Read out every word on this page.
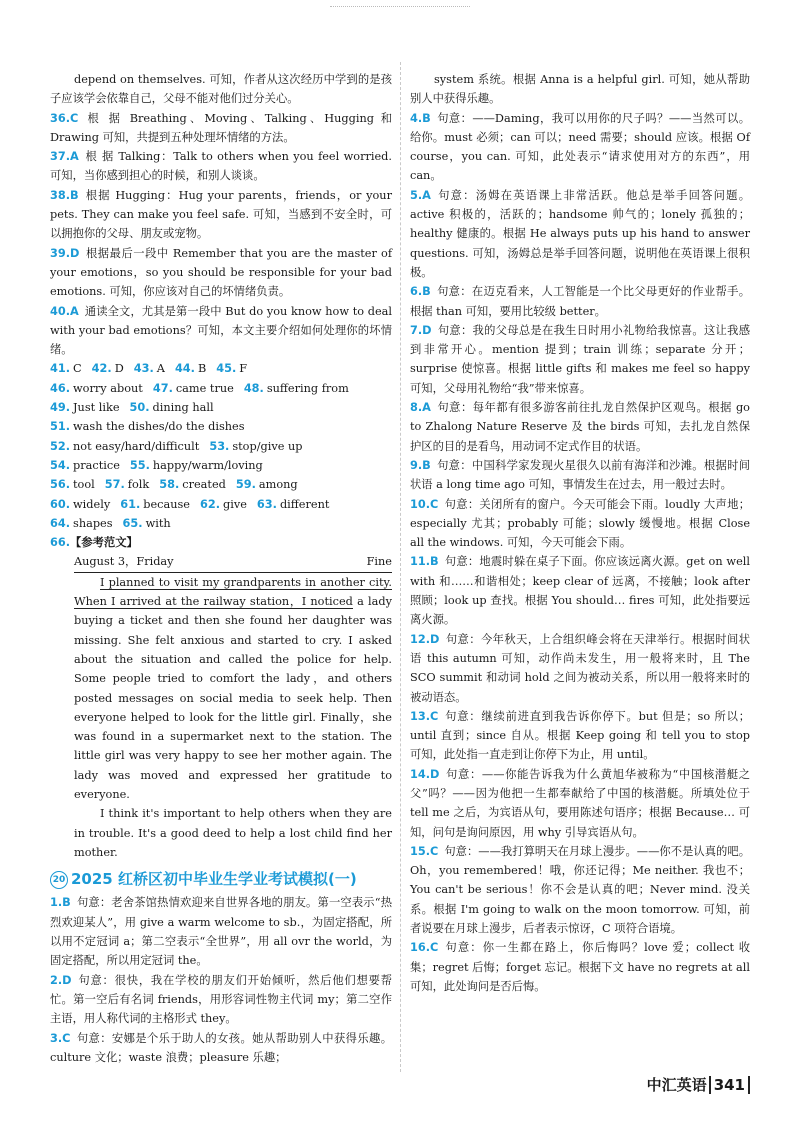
depend on themselves. 可知，作者从这次经历中学到的是孩子应该学会依靠自己，父母不能对他们过分关心。

36.C 根 据 Breathing、Moving、Talking、Hugging 和 Drawing 可知，共提到五种处理坏情绪的方法。

37.A 根 据 Talking：Talk to others when you feel worried. 可知，当你感到担心的时候，和别人谈谈。

38.B 根据 Hugging：Hug your parents，friends，or your pets. They can make you feel safe. 可知，当感到不安全时，可以拥抱你的父母、朋友或宠物。

39.D 根据最后一段中 Remember that you are the master of your emotions，so you should be responsible for your bad emotions. 可知，你应该对自己的坏情绪负责。

40.A 通读全文，尤其是第一段中 But do you know how to deal with your bad emotions？可知，本文主要介绍如何处理你的坏情绪。

41. C 42. D 43. A 44. B 45. F

46. worry about 47. came true 48. suffering from

49. Just like 50. dining hall

51. wash the dishes/do the dishes

52. not easy/hard/difficult 53. stop/give up

54. practice 55. happy/warm/loving

56. tool 57. folk 58. created 59. among

60. widely 61. because 62. give 63. different

64. shapes 65. with

66.【参考范文】

August 3，Friday	Fine

I planned to visit my grandparents in another city. When I arrived at the railway station，I noticed a lady buying a ticket and then she found her daughter was missing. She felt anxious and started to cry. I asked about the situation and called the police for help. Some people tried to comfort the lady，and others posted messages on social media to seek help. Then everyone helped to look for the little girl. Finally，she was found in a supermarket next to the station. The little girl was very happy to see her mother again. The lady was moved and expressed her gratitude to everyone.

I think it's important to help others when they are in trouble. It's a good deed to help a lost child find her mother.

20 2025 红桥区初中毕业生学业考试模拟(一)

1.B 句意：老舍茶馆热情欢迎来自世界各地的朋友。第一空表示“热烈欢迎某人”，用 give a warm welcome to sb.，为固定搭配，所以用不定冠词 a；第二空表示“全世界”，用 all ovr the world，为固定搭配，所以用定冠词 the。

2.D 句意：很快，我在学校的朋友们开始倾听，然后他们想要帮忙。第一空后有名词 friends，用形容词性物主代词 my；第二空作主语，用人称代词的主格形式 they。

3.C 句意：安娜是个乐于助人的女孩。她从帮助别人中获得乐趣。culture 文化；waste 浪费；pleasure 乐趣；

system 系统。根据 Anna is a helpful girl. 可知，她从帮助别人中获得乐趣。

4.B 句意：——Daming，我可以用你的尺子吗？——当然可以。给你。must 必须；can 可以；need 需要；should 应该。根据 Of course，you can. 可知，此处表示“请求使用对方的东西”，用 can。

5.A 句意：汤姆在英语课上非常活跃。他总是举手回答问题。active 积极的，活跃的；handsome 帅气的；lonely 孤独的；healthy 健康的。根据 He always puts up his hand to answer questions. 可知，汤姆总是举手回答问题，说明他在英语课上很积极。

6.B 句意：在迈克看来，人工智能是一个比父母更好的作业帮手。根据 than 可知，要用比较级 better。

7.D 句意：我的父母总是在我生日时用小礼物给我惊喜。这让我感到非常开心。mention 提到；train 训练；separate 分开；surprise 使惊喜。根据 little gifts 和 makes me feel so happy 可知，父母用礼物给“我”带来惊喜。

8.A 句意：每年都有很多游客前往扎龙自然保护区观鸟。根据 go to Zhalong Nature Reserve 及 the birds 可知，去扎龙自然保护区的目的是看鸟，用动词不定式作目的状语。

9.B 句意：中国科学家发现火星很久以前有海洋和沙滩。根据时间状语 a long time ago 可知，事情发生在过去，用一般过去时。

10.C 句意：关闭所有的窗户。今天可能会下雨。loudly 大声地；especially 尤其；probably 可能；slowly 缓慢地。根据 Close all the windows. 可知，今天可能会下雨。

11.B 句意：地震时躲在桌子下面。你应该远离火源。get on well with 和……和谐相处；keep clear of 远离，不接触；look after 照顾；look up 查找。根据 You should… fires 可知，此处指要远离火源。

12.D 句意：今年秋天，上合组织峰会将在天津举行。根据时间状语 this autumn 可知，动作尚未发生，用一般将来时，且 The SCO summit 和动词 hold 之间为被动关系，所以用一般将来时的被动语态。

13.C 句意：继续前进直到我告诉你停下。but 但是；so 所以；until 直到；since 自从。根据 Keep going 和 tell you to stop 可知，此处指一直走到让你停下为止，用 until。

14.D 句意：——你能告诉我为什么黄旭华被称为“中国核潜艇之父”吗？——因为他把一生都奉献给了中国的核潜艇。所填处位于 tell me 之后，为宾语从句，要用陈述句语序；根据 Because… 可知，问句是询问原因，用 why 引导宾语从句。

15.C 句意：——我打算明天在月球上漫步。——你不是认真的吧。Oh，you remembered！哦，你还记得；Me neither. 我也不；You can't be serious！你不会是认真的吧；Never mind. 没关系。根据 I'm going to walk on the moon tomorrow. 可知，前者说要在月球上漫步，后者表示惊讶，C 项符合语境。

16.C 句意：你一生都在路上，你后悔吗？love 爱；collect 收集；regret 后悔；forget 忘记。根据下文 have no regrets at all 可知，此处询问是否后悔。

中汇英语 341
